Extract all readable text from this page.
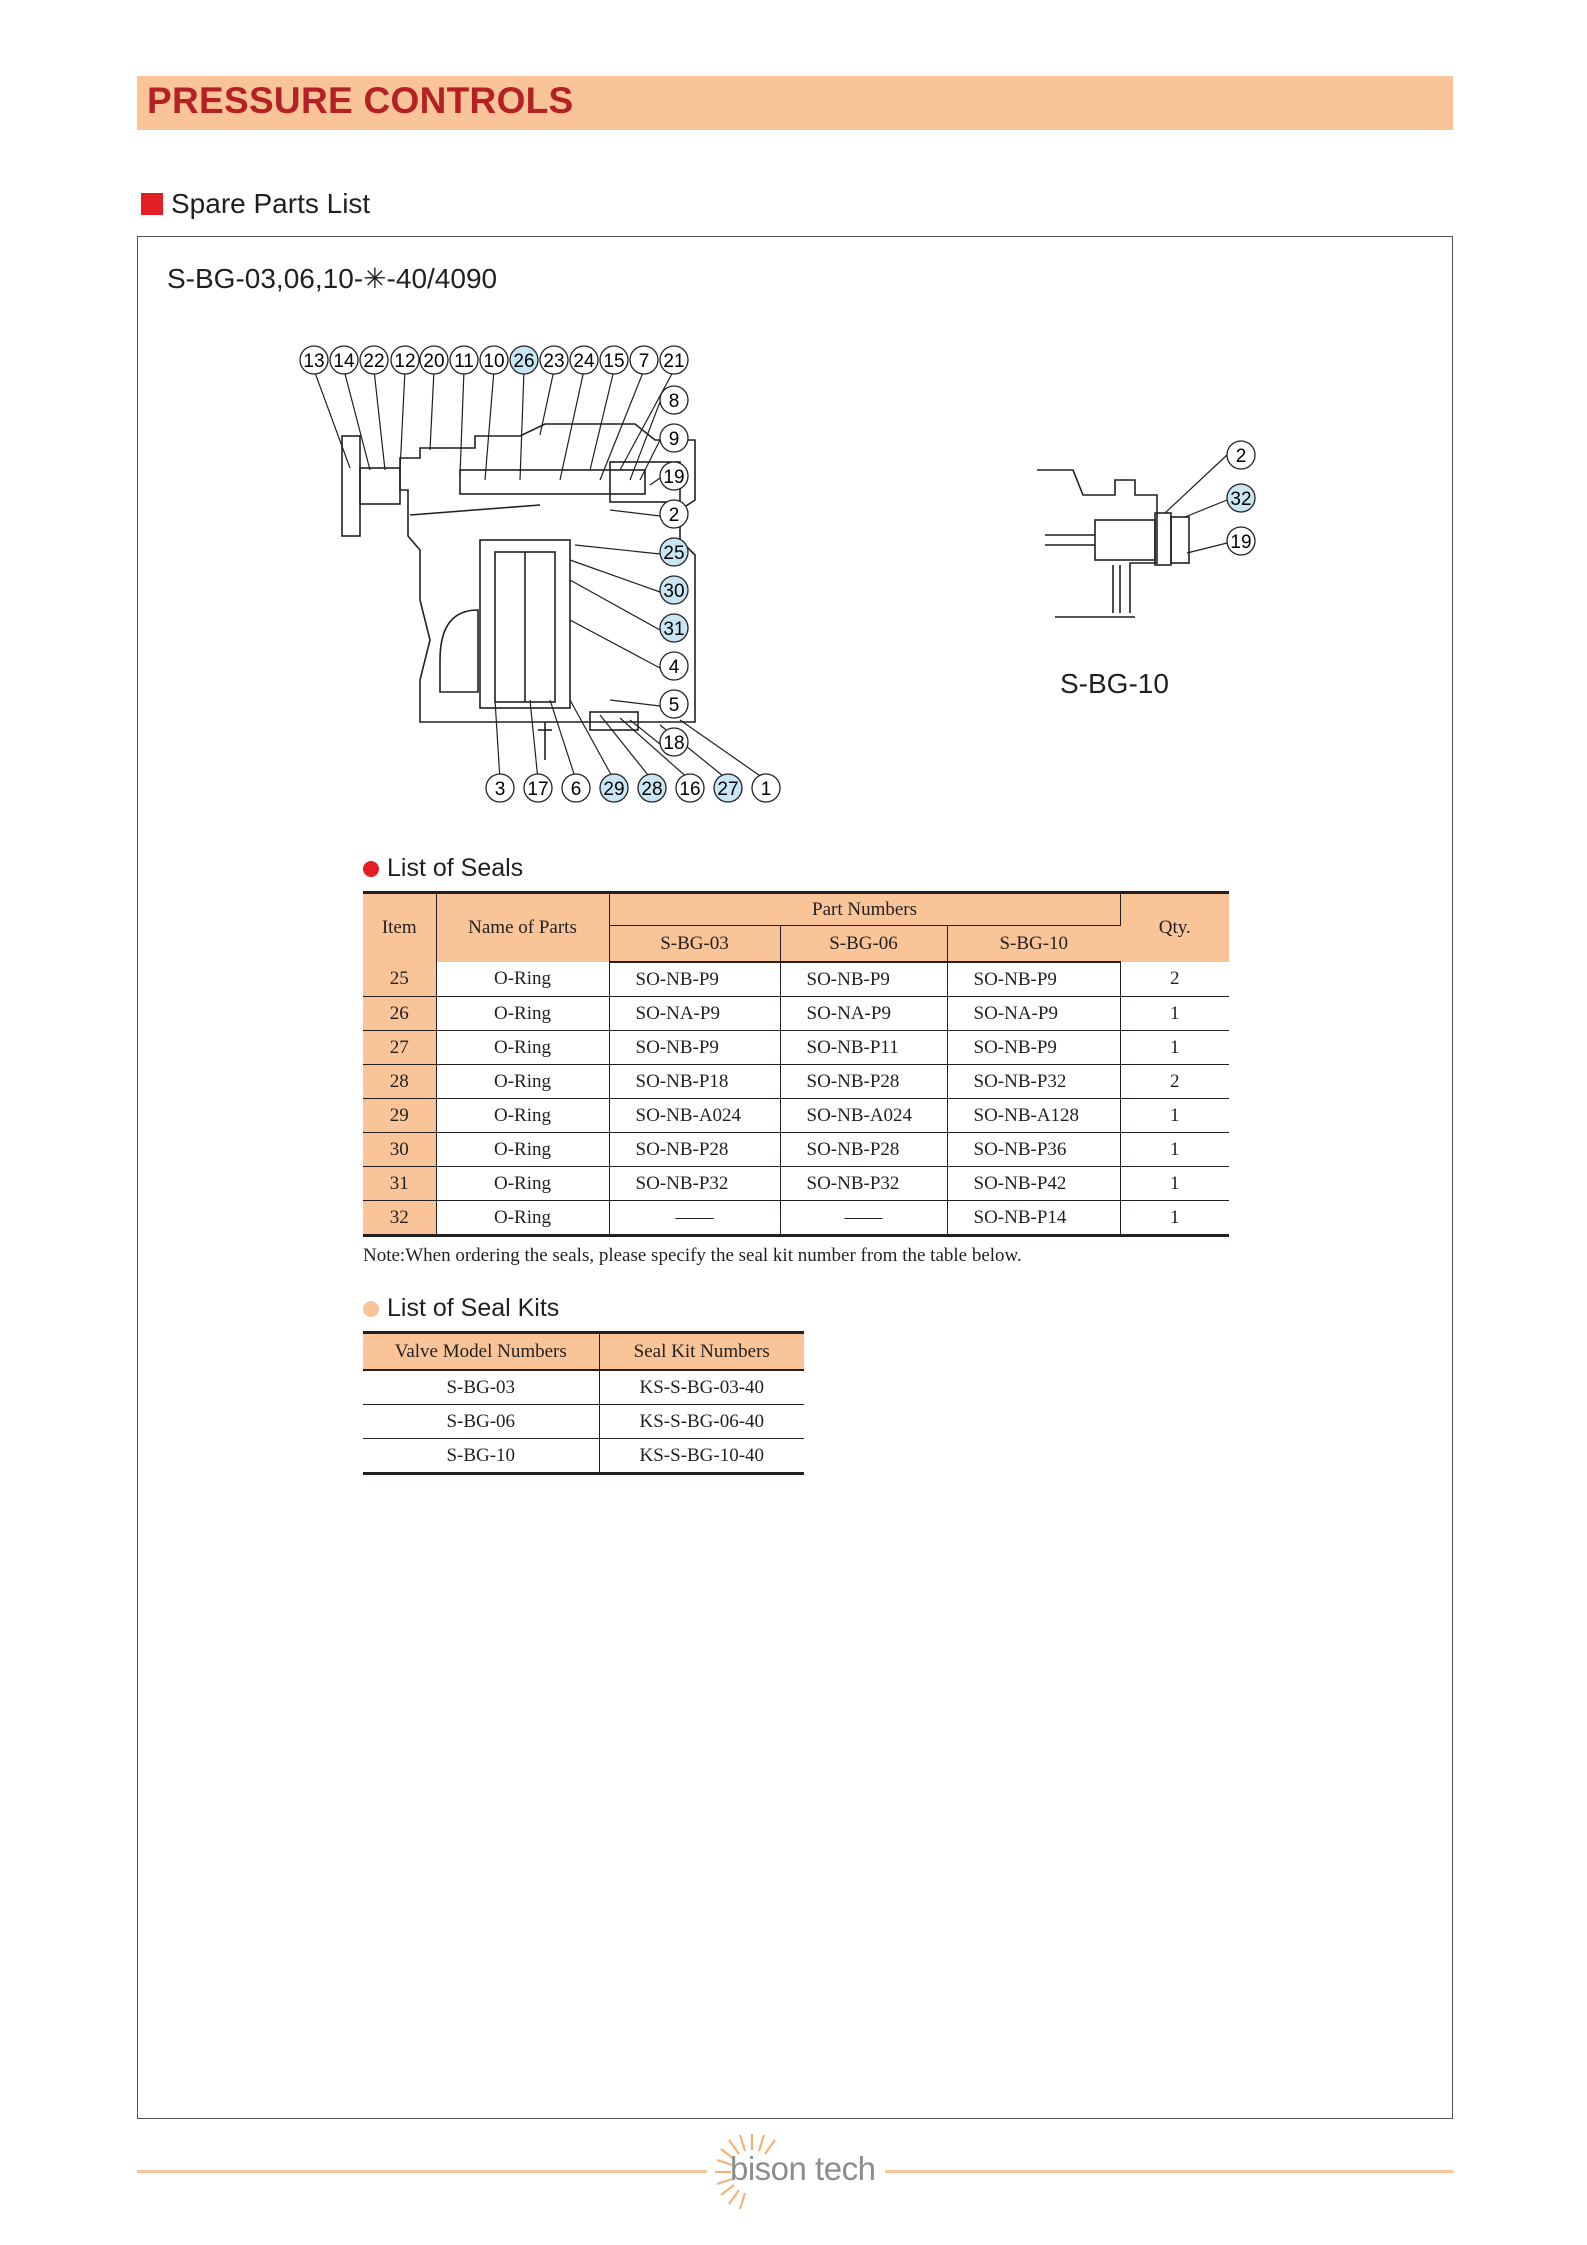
PRESSURE CONTROLS
Spare Parts List
S-BG-03,06,10-✳-40/4090
13 14 22 12 20 11 10 26 23 24 15 7 21
8
9
19
2
25
30
31
4
5
18
3 17 6 29 28 16 27 1
2
32
19
S-BG-10
List of Seals
Item	Name of Parts	Part Numbers			Qty.
		S-BG-03	S-BG-06	S-BG-10	
25	O-Ring	SO-NB-P9	SO-NB-P9	SO-NB-P9	2
26	O-Ring	SO-NA-P9	SO-NA-P9	SO-NA-P9	1
27	O-Ring	SO-NB-P9	SO-NB-P11	SO-NB-P9	1
28	O-Ring	SO-NB-P18	SO-NB-P28	SO-NB-P32	2
29	O-Ring	SO-NB-A024	SO-NB-A024	SO-NB-A128	1
30	O-Ring	SO-NB-P28	SO-NB-P28	SO-NB-P36	1
31	O-Ring	SO-NB-P32	SO-NB-P32	SO-NB-P42	1
32	O-Ring	——	——	SO-NB-P14	1
Note:When ordering the seals, please specify the seal kit number from the table below.
List of Seal Kits
Valve Model Numbers	Seal Kit Numbers
S-BG-03	KS-S-BG-03-40
S-BG-06	KS-S-BG-06-40
S-BG-10	KS-S-BG-10-40
bison tech
